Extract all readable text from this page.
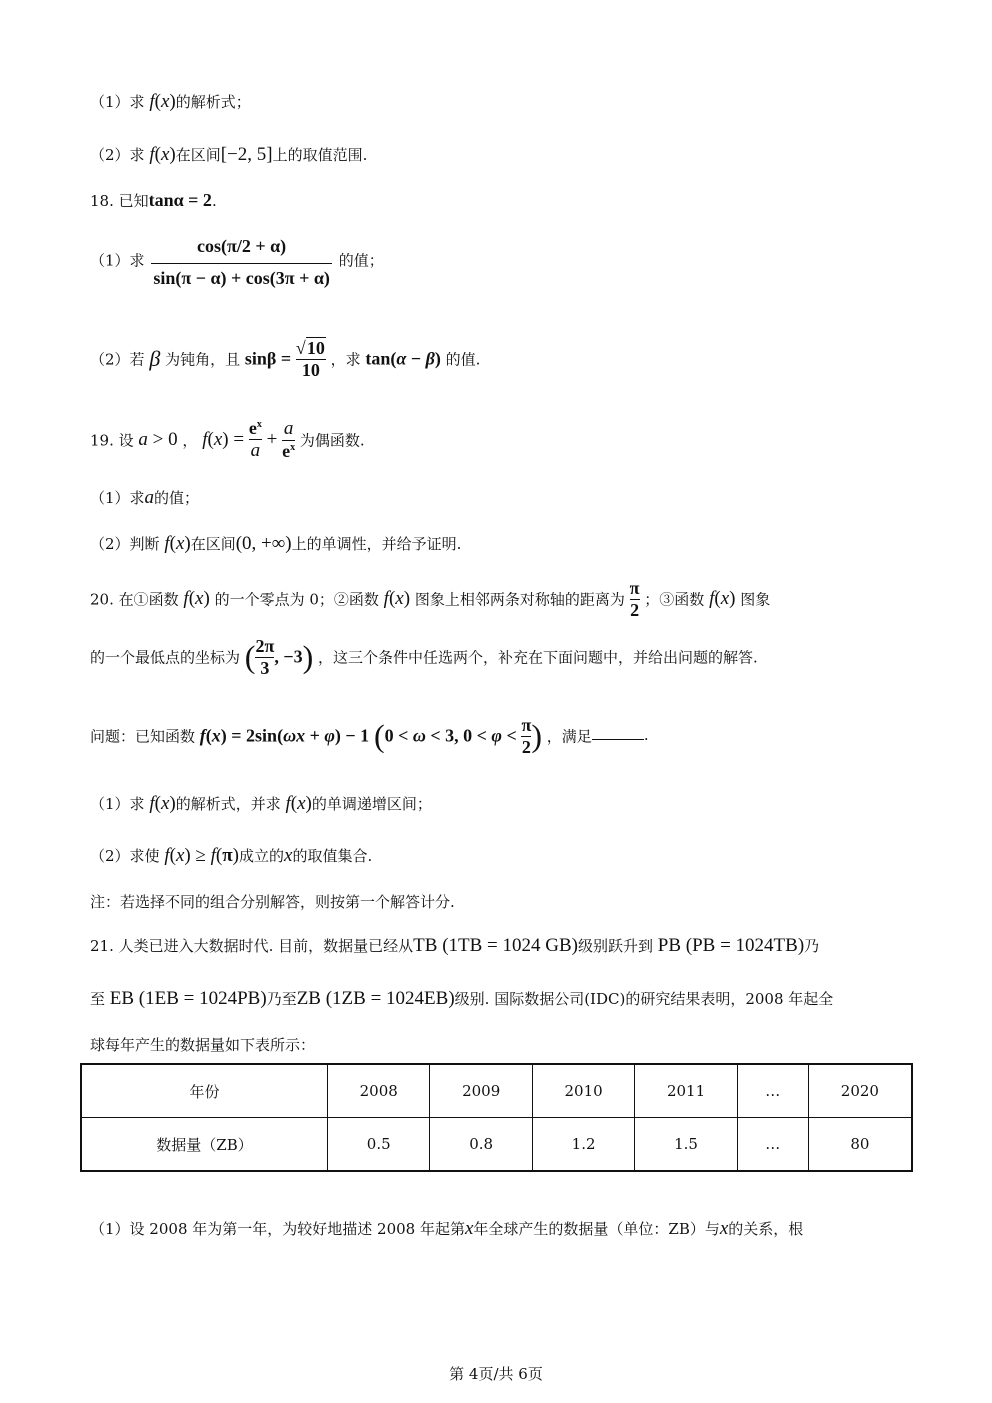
（1）求 f(x)的解析式；
（2）求 f(x)在区间[−2, 5]上的取值范围.
18. 已知tanα = 2.
（1）求 $\frac{\cos(\pi/2 + \alpha)}{\sin(\pi - \alpha) + \cos(3\pi + \alpha)}$ 的值；
（2）若 β 为钝角，且 $\sin\beta = \frac{√10}{10}$ ，求 tan(α − β) 的值.
19. 设 a > 0 ， $f(x) = \frac{e^x}{a} + \frac{a}{e^x}$ 为偶函数.
（1）求a的值；
（2）判断 f(x)在区间(0, +∞)上的单调性，并给予证明.
20. 在①函数 f(x) 的一个零点为 0；②函数 f(x) 图象上相邻两条对称轴的距离为 $\frac{\pi}{2}$ ；③函数 f(x) 图象
的一个最低点的坐标为 ( $\frac{2\pi}{3}$ , −3) ，这三个条件中任选两个，补充在下面问题中，并给出问题的解答.
问题：已知函数 f(x) = 2sin(ωx + φ) − 1 (0 < ω < 3, $0 < \varphi < \frac{\pi}{2}$ ) ，满足	.
（1）求 f(x)的解析式，并求 f(x)的单调递增区间；
（2）求使 f(x) ≥ f(π)成立的x的取值集合.
注：若选择不同的组合分别解答，则按第一个解答计分.
21. 人类已进入大数据时代. 目前，数据量已经从TB (1TB = 1024 GB)级别跃升到 PB (PB = 1024TB)乃
至 EB (1EB = 1024PB)乃至ZB (1ZB = 1024EB)级别. 国际数据公司(IDC)的研究结果表明，2008 年起全
球每年产生的数据量如下表所示：
年份	2008	2009	2010	2011	…	2020
数据量（ZB）	0.5	0.8	1.2	1.5	…	80
（1）设 2008 年为第一年，为较好地描述 2008 年起第x年全球产生的数据量（单位：ZB）与x的关系，根
第 4页/共 6页
